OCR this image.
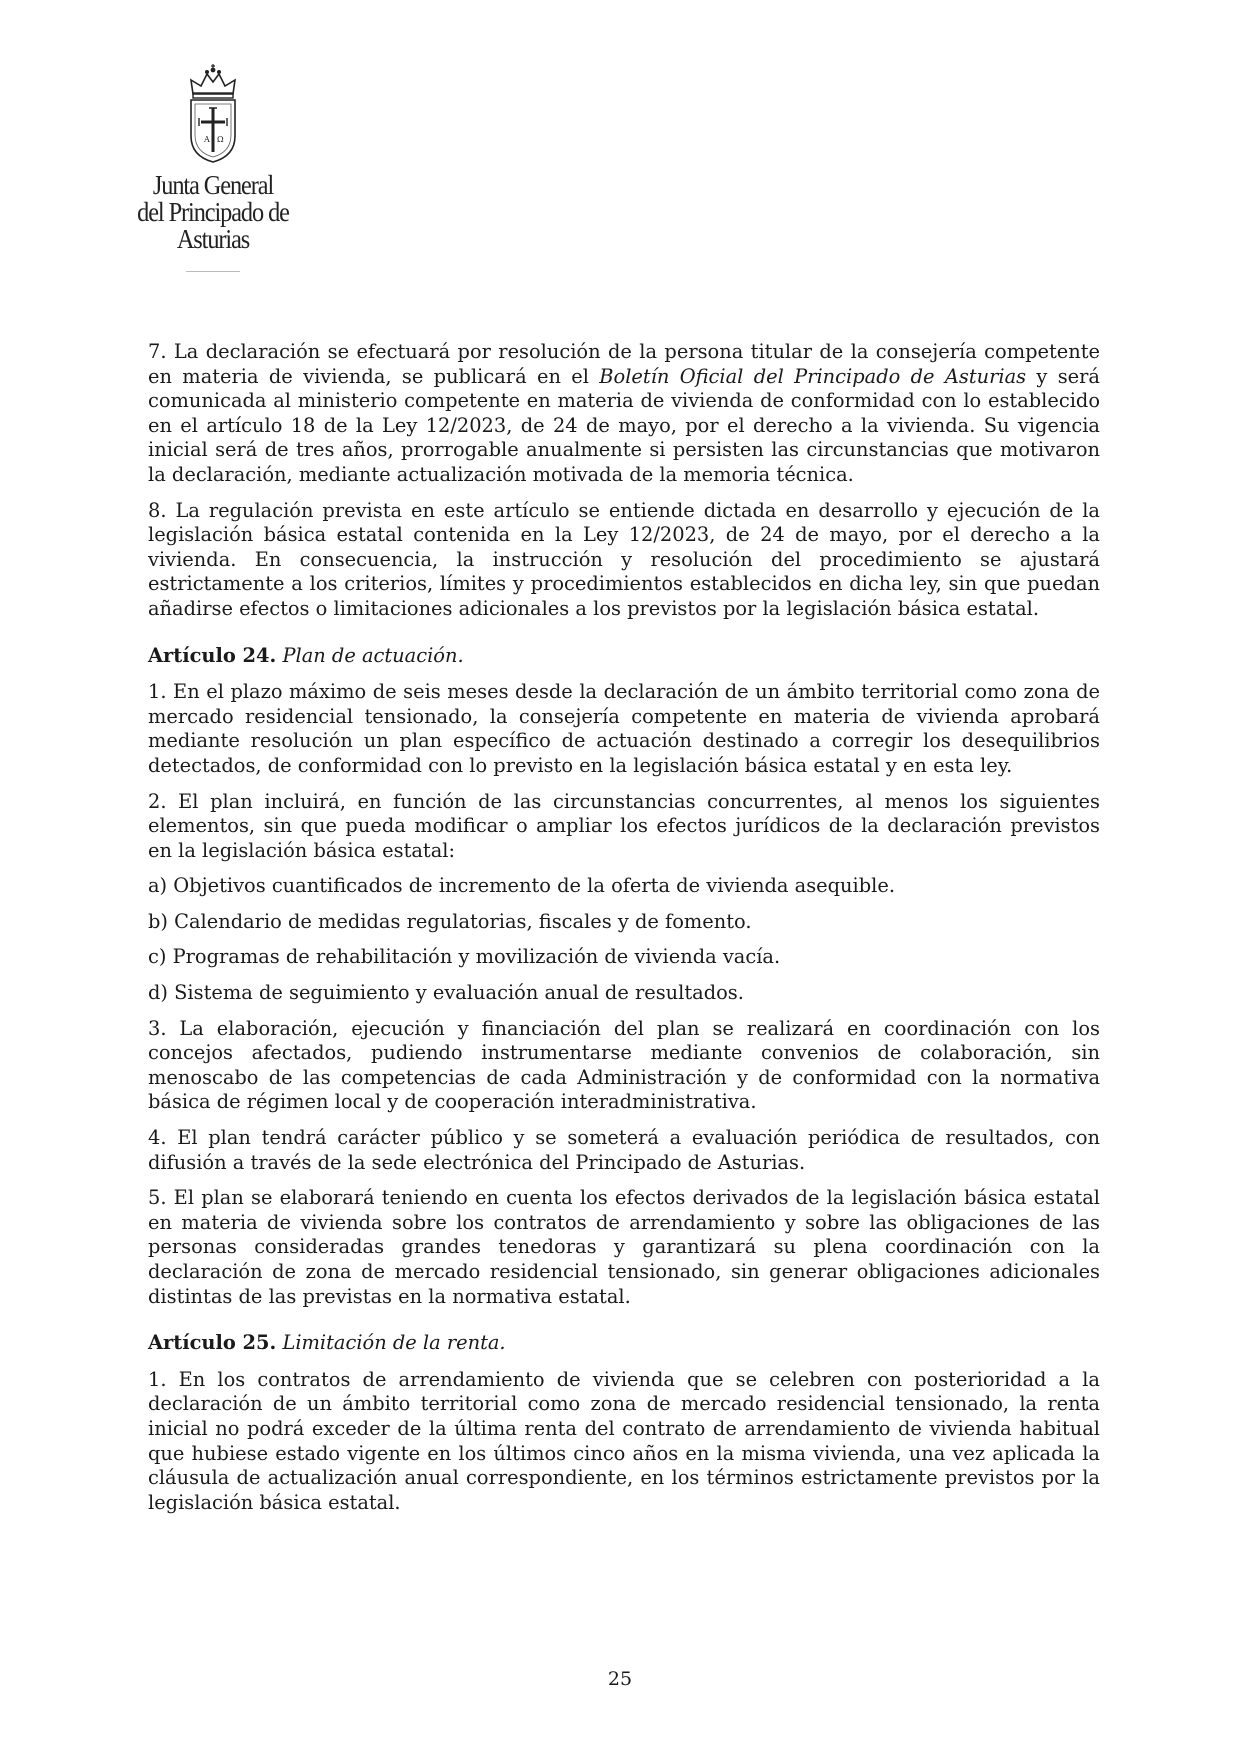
A Ω
Junta General
del Principado de Asturias

7. La declaración se efectuará por resolución de la persona titular de la consejería competente en materia de vivienda, se publicará en el Boletín Oficial del Principado de Asturias y será comunicada al ministerio competente en materia de vivienda de conformidad con lo establecido en el artículo 18 de la Ley 12/2023, de 24 de mayo, por el derecho a la vivienda. Su vigencia inicial será de tres años, prorrogable anualmente si persisten las circunstancias que motivaron la declaración, mediante actualización motivada de la memoria técnica.

8. La regulación prevista en este artículo se entiende dictada en desarrollo y ejecución de la legislación básica estatal contenida en la Ley 12/2023, de 24 de mayo, por el derecho a la vivienda. En consecuencia, la instrucción y resolución del procedimiento se ajustará estrictamente a los criterios, límites y procedimientos establecidos en dicha ley, sin que puedan añadirse efectos o limitaciones adicionales a los previstos por la legislación básica estatal.

Artículo 24. Plan de actuación.

1. En el plazo máximo de seis meses desde la declaración de un ámbito territorial como zona de mercado residencial tensionado, la consejería competente en materia de vivienda aprobará mediante resolución un plan específico de actuación destinado a corregir los desequilibrios detectados, de conformidad con lo previsto en la legislación básica estatal y en esta ley.

2. El plan incluirá, en función de las circunstancias concurrentes, al menos los siguientes elementos, sin que pueda modificar o ampliar los efectos jurídicos de la declaración previstos en la legislación básica estatal:

a) Objetivos cuantificados de incremento de la oferta de vivienda asequible.

b) Calendario de medidas regulatorias, fiscales y de fomento.

c) Programas de rehabilitación y movilización de vivienda vacía.

d) Sistema de seguimiento y evaluación anual de resultados.

3. La elaboración, ejecución y financiación del plan se realizará en coordinación con los concejos afectados, pudiendo instrumentarse mediante convenios de colaboración, sin menoscabo de las competencias de cada Administración y de conformidad con la normativa básica de régimen local y de cooperación interadministrativa.

4. El plan tendrá carácter público y se someterá a evaluación periódica de resultados, con difusión a través de la sede electrónica del Principado de Asturias.

5. El plan se elaborará teniendo en cuenta los efectos derivados de la legislación básica estatal en materia de vivienda sobre los contratos de arrendamiento y sobre las obligaciones de las personas consideradas grandes tenedoras y garantizará su plena coordinación con la declaración de zona de mercado residencial tensionado, sin generar obligaciones adicionales distintas de las previstas en la normativa estatal.

Artículo 25. Limitación de la renta.

1. En los contratos de arrendamiento de vivienda que se celebren con posterioridad a la declaración de un ámbito territorial como zona de mercado residencial tensionado, la renta inicial no podrá exceder de la última renta del contrato de arrendamiento de vivienda habitual que hubiese estado vigente en los últimos cinco años en la misma vivienda, una vez aplicada la cláusula de actualización anual correspondiente, en los términos estrictamente previstos por la legislación básica estatal.

25
